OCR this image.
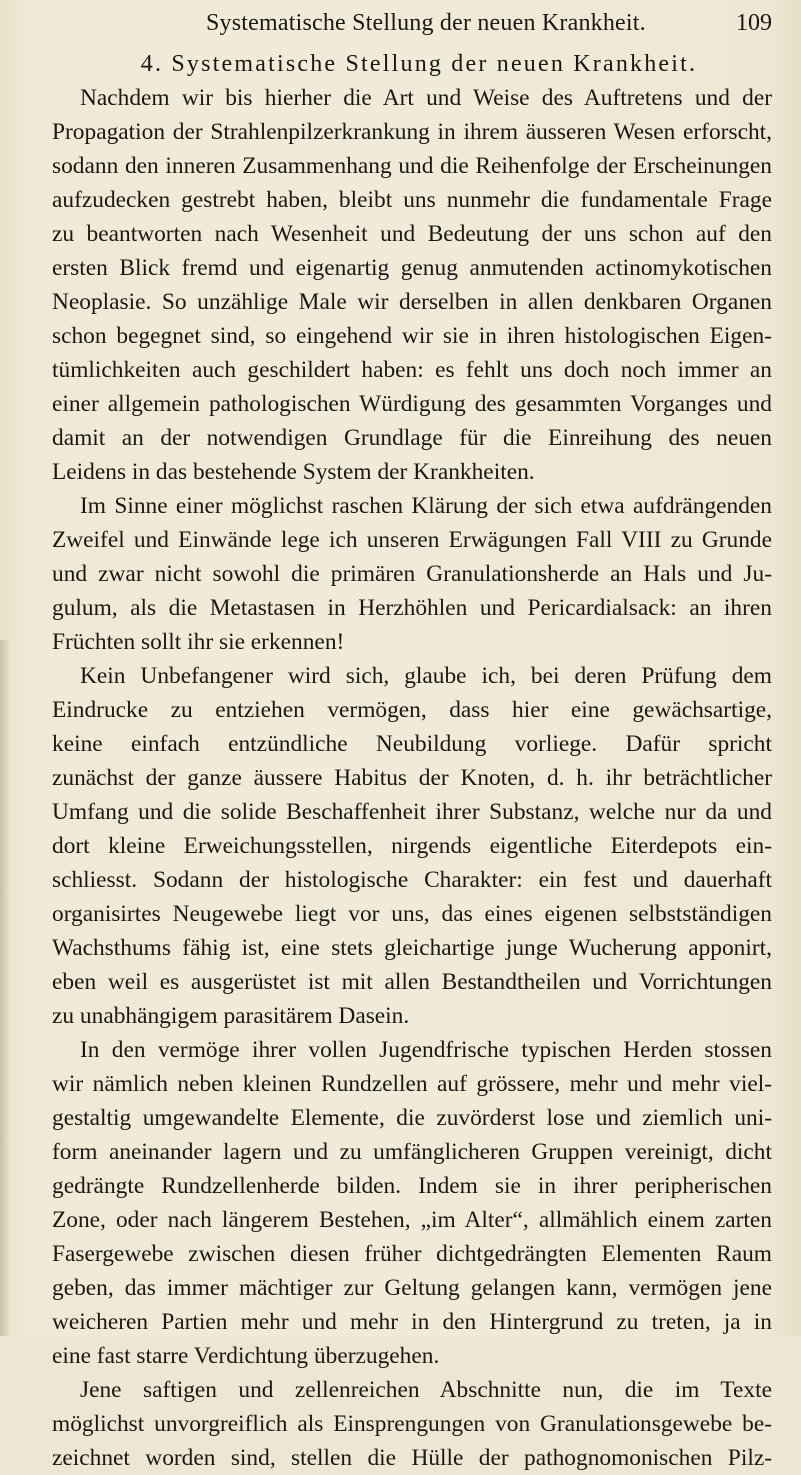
Systematische Stellung der neuen Krankheit.	109
4. Systematische Stellung der neuen Krankheit.

Nachdem wir bis hierher die Art und Weise des Auftretens und der
Propagation der Strahlenpilzerkrankung in ihrem äusseren Wesen erforscht,
sodann den inneren Zusammenhang und die Reihenfolge der Erscheinungen
aufzudecken gestrebt haben, bleibt uns nunmehr die fundamentale Frage
zu beantworten nach Wesenheit und Bedeutung der uns schon auf den
ersten Blick fremd und eigenartig genug anmutenden actinomykotischen
Neoplasie. So unzählige Male wir derselben in allen denkbaren Organen
schon begegnet sind, so eingehend wir sie in ihren histologischen Eigen-
tümlichkeiten auch geschildert haben: es fehlt uns doch noch immer an
einer allgemein pathologischen Würdigung des gesammten Vorganges und
damit an der notwendigen Grundlage für die Einreihung des neuen
Leidens in das bestehende System der Krankheiten.

Im Sinne einer möglichst raschen Klärung der sich etwa aufdrängenden
Zweifel und Einwände lege ich unseren Erwägungen Fall VIII zu Grunde
und zwar nicht sowohl die primären Granulationsherde an Hals und Ju-
gulum, als die Metastasen in Herzhöhlen und Pericardialsack: an ihren
Früchten sollt ihr sie erkennen!

Kein Unbefangener wird sich, glaube ich, bei deren Prüfung dem
Eindrucke zu entziehen vermögen, dass hier eine gewächsartige,
keine einfach entzündliche Neubildung vorliege. Dafür spricht
zunächst der ganze äussere Habitus der Knoten, d. h. ihr beträchtlicher
Umfang und die solide Beschaffenheit ihrer Substanz, welche nur da und
dort kleine Erweichungsstellen, nirgends eigentliche Eiterdepots ein-
schliesst. Sodann der histologische Charakter: ein fest und dauerhaft
organisirtes Neugewebe liegt vor uns, das eines eigenen selbstständigen
Wachsthums fähig ist, eine stets gleichartige junge Wucherung apponirt,
eben weil es ausgerüstet ist mit allen Bestandtheilen und Vorrichtungen
zu unabhängigem parasitärem Dasein.

In den vermöge ihrer vollen Jugendfrische typischen Herden stossen
wir nämlich neben kleinen Rundzellen auf grössere, mehr und mehr viel-
gestaltig umgewandelte Elemente, die zuvörderst lose und ziemlich uni-
form aneinander lagern und zu umfänglicheren Gruppen vereinigt, dicht
gedrängte Rundzellenherde bilden. Indem sie in ihrer peripherischen
Zone, oder nach längerem Bestehen, „im Alter“, allmählich einem zarten
Fasergewebe zwischen diesen früher dichtgedrängten Elementen Raum
geben, das immer mächtiger zur Geltung gelangen kann, vermögen jene
weicheren Partien mehr und mehr in den Hintergrund zu treten, ja in
eine fast starre Verdichtung überzugehen.

Jene saftigen und zellenreichen Abschnitte nun, die im Texte
möglichst unvorgreiflich als Einsprengungen von Granulationsgewebe be-
zeichnet worden sind, stellen die Hülle der pathognomonischen Pilz-
